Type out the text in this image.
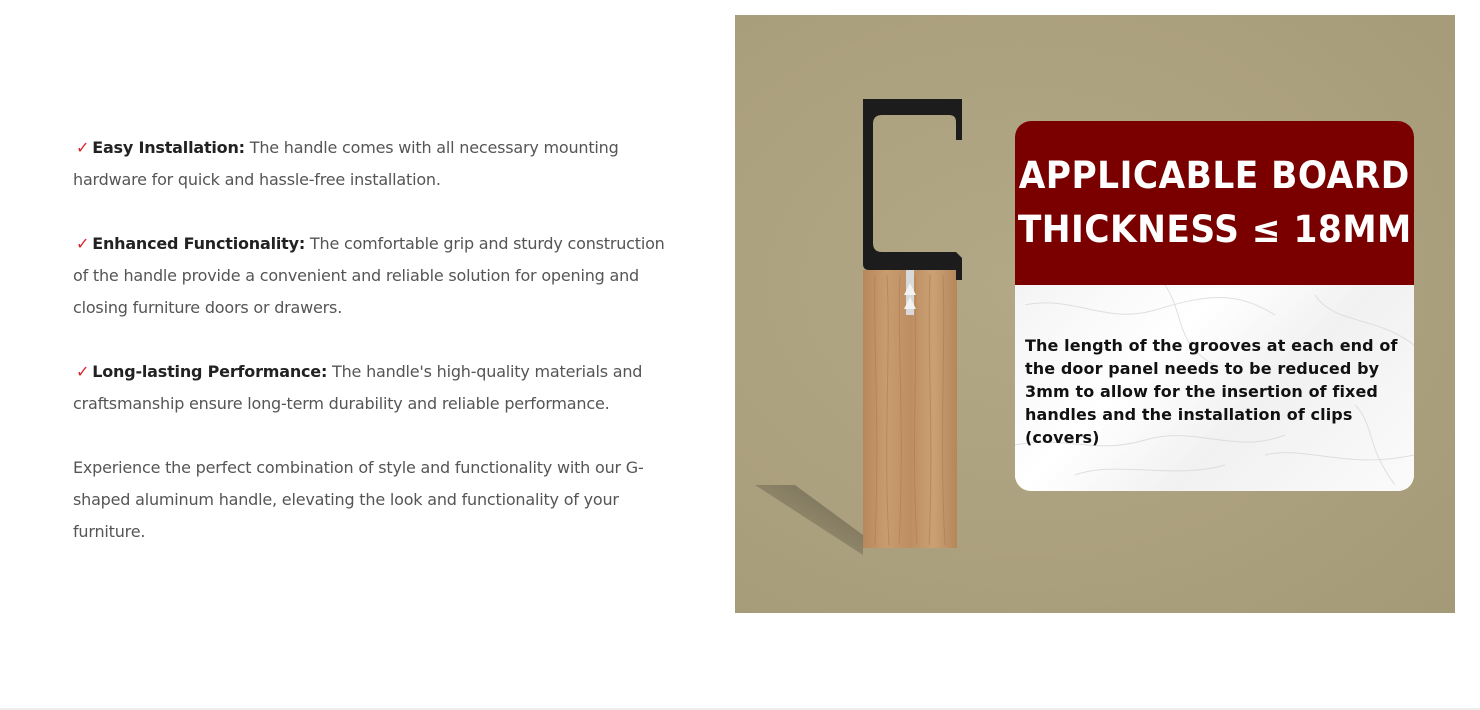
✓ Easy Installation: The handle comes with all necessary mounting hardware for quick and hassle-free installation.

✓ Enhanced Functionality: The comfortable grip and sturdy construction of the handle provide a convenient and reliable solution for opening and closing furniture doors or drawers.

✓ Long-lasting Performance: The handle's high-quality materials and craftsmanship ensure long-term durability and reliable performance.

Experience the perfect combination of style and functionality with our G-shaped aluminum handle, elevating the look and functionality of your furniture.

APPLICABLE BOARD
THICKNESS ≤ 18MM
The length of the grooves at each end of the door panel needs to be reduced by 3mm to allow for the insertion of fixed handles and the installation of clips (covers)
